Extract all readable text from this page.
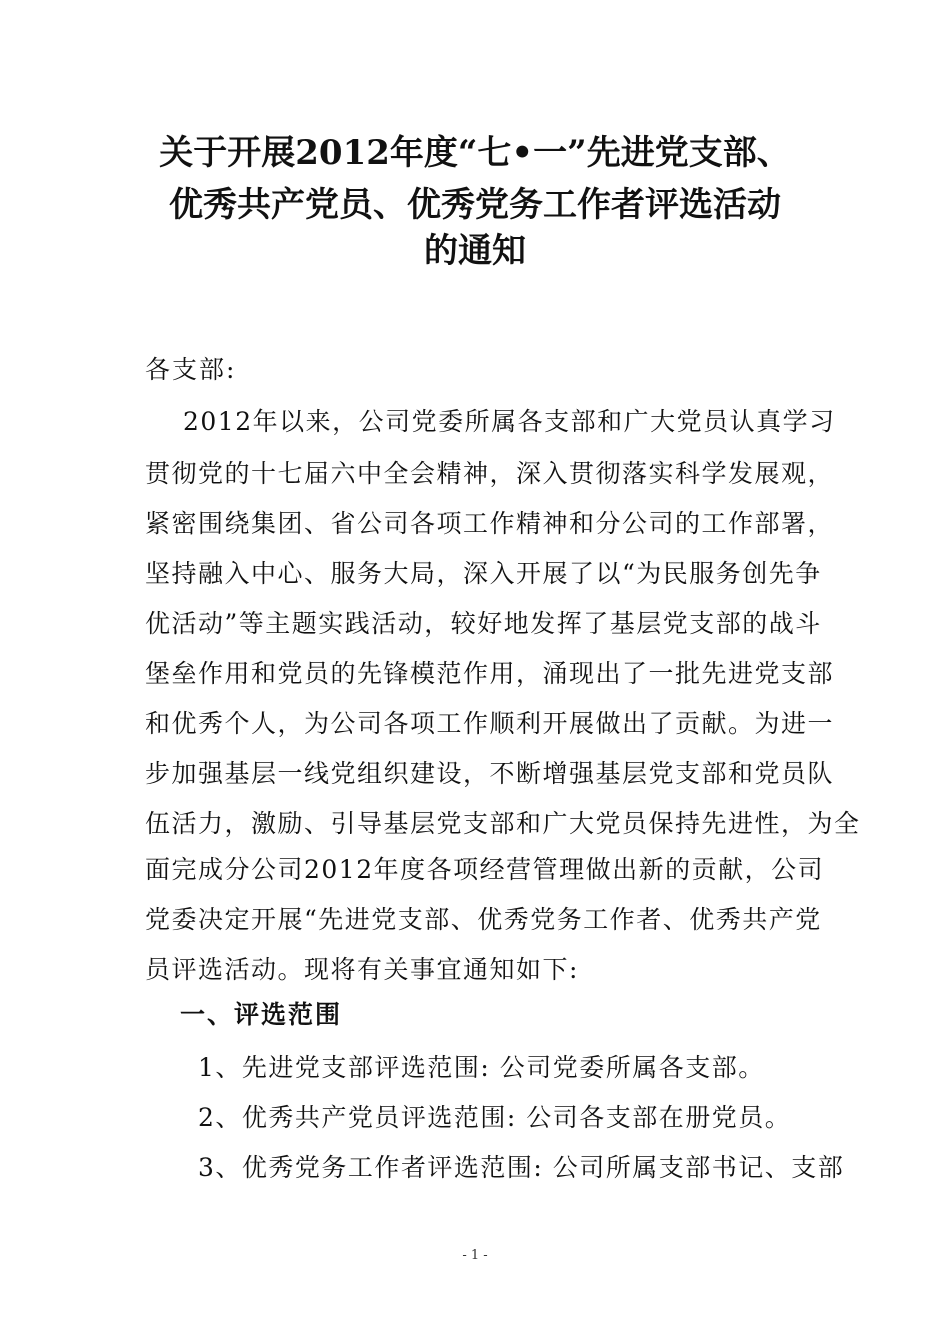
关于开展2012年度“七•一”先进党支部、
优秀共产党员、优秀党务工作者评选活动
的通知
各支部:
2012年以来，公司党委所属各支部和广大党员认真学习
贯彻党的十七届六中全会精神，深入贯彻落实科学发展观，
紧密围绕集团、省公司各项工作精神和分公司的工作部署，
坚持融入中心、服务大局，深入开展了以“为民服务创先争
优活动”等主题实践活动，较好地发挥了基层党支部的战斗
堡垒作用和党员的先锋模范作用，涌现出了一批先进党支部
和优秀个人，为公司各项工作顺利开展做出了贡献。为进一
步加强基层一线党组织建设，不断增强基层党支部和党员队
伍活力，激励、引导基层党支部和广大党员保持先进性，为全
面完成分公司2012年度各项经营管理做出新的贡献，公司
党委决定开展“先进党支部、优秀党务工作者、优秀共产党
员评选活动。现将有关事宜通知如下:
一、评选范围
1、先进党支部评选范围: 公司党委所属各支部。
2、优秀共产党员评选范围: 公司各支部在册党员。
3、优秀党务工作者评选范围: 公司所属支部书记、支部
- 1 -
